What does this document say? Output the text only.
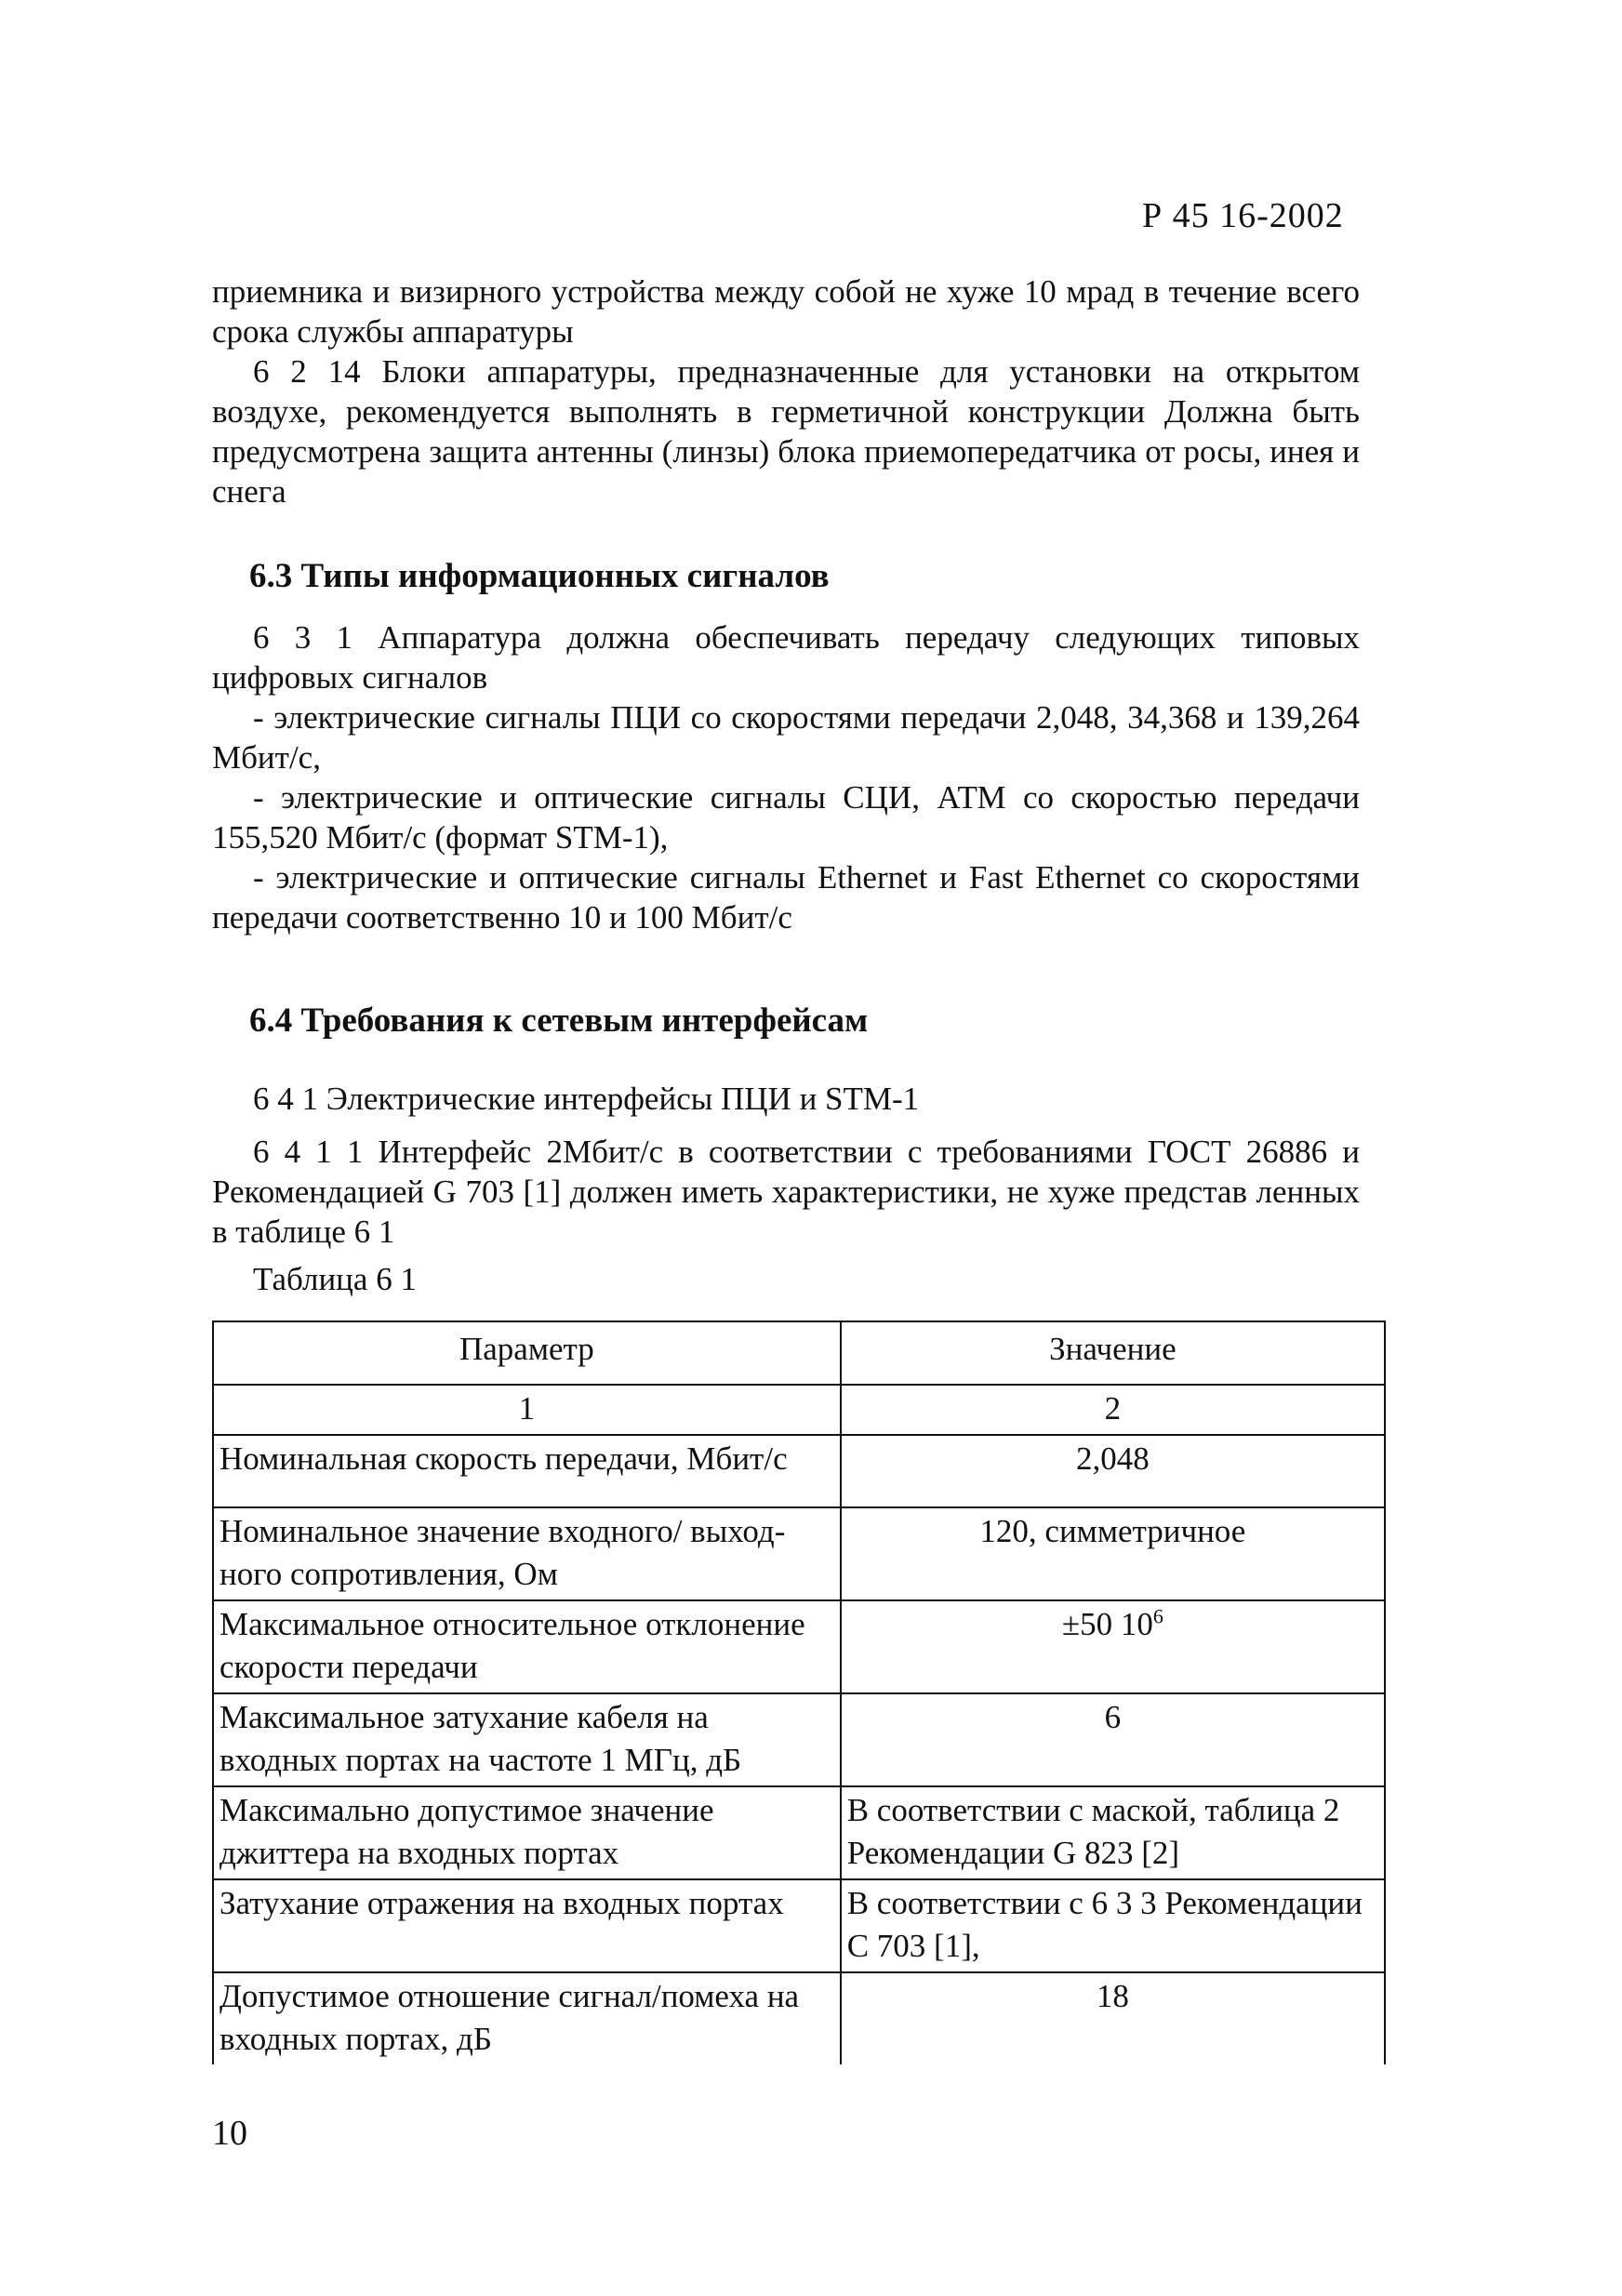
Р 45 16-2002

приемника и визирного устройства между собой не хуже 10 мрад в течение всего срока службы аппаратуры

6 2 14 Блоки аппаратуры, предназначенные для установки на открытом воздухе, рекомендуется выполнять в герметичной конструкции Должна быть предусмотрена защита антенны (линзы) блока приемопередатчика от росы, инея и снега

6.3 Типы информационных сигналов

6 3 1 Аппаратура должна обеспечивать передачу следующих типовых цифровых сигналов

- электрические сигналы ПЦИ со скоростями передачи 2,048, 34,368 и 139,264 Мбит/с,

- электрические и оптические сигналы СЦИ, АТМ со скоростью передачи 155,520 Мбит/с (формат STM-1),

- электрические и оптические сигналы Ethernet и Fast Ethernet со скоростями передачи соответственно 10 и 100 Мбит/с

6.4 Требования к сетевым интерфейсам

6 4 1 Электрические интерфейсы ПЦИ и STM-1

6 4 1 1 Интерфейс 2Мбит/с в соответствии с требованиями ГОСТ 26886 и Рекомендацией G 703 [1] должен иметь характеристики, не хуже представ ленных в таблице 6 1

Таблица 6 1
Параметр	Значение
1	2
Номинальная скорость передачи, Мбит/с	2,048
Номинальное значение входного/ выход-ного сопротивления, Ом	120, симметричное
Максимальное относительное отклонение скорости передачи	±50 $10^6$
Максимальное затухание кабеля на входных портах на частоте 1 МГц, дБ	6
Максимально допустимое значение джиттера на входных портах	В соответствии с маской, таблица 2 Рекомендации G 823 [2]
Затухание отражения на входных портах	В соответствии с 6 3 3 Рекомендации С 703 [1],
Допустимое отношение сигнал/помеха на входных портах, дБ	18
10
